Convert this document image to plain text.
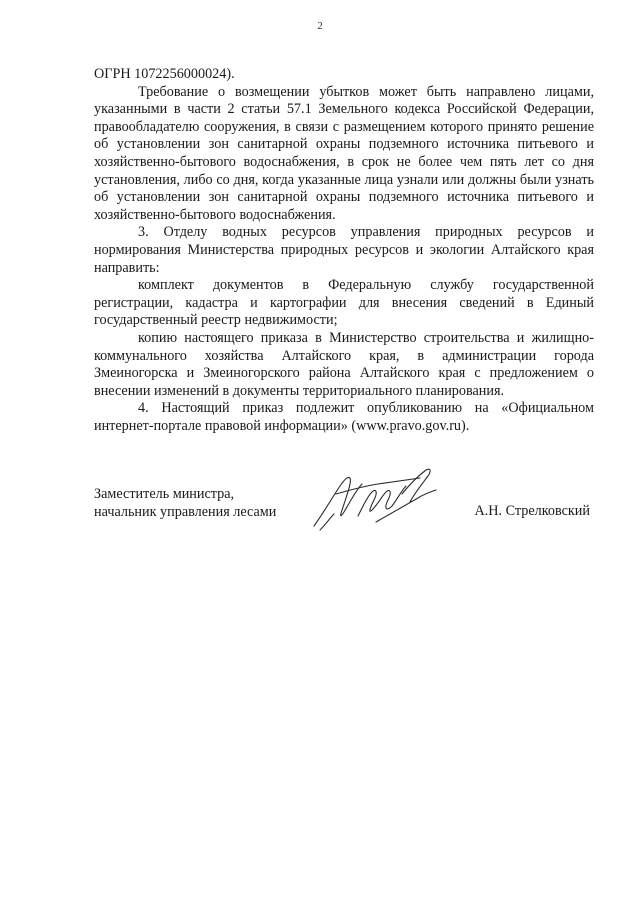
2

ОГРН 1072256000024).

Требование о возмещении убытков может быть направлено лицами, указанными в части 2 статьи 57.1 Земельного кодекса Российской Федерации, правообладателю сооружения, в связи с размещением которого принято решение об установлении зон санитарной охраны подземного источника питьевого и хозяйственно-бытового водоснабжения, в срок не более чем пять лет со дня установления, либо со дня, когда указанные лица узнали или должны были узнать об установлении зон санитарной охраны подземного источника питьевого и хозяйственно-бытового водоснабжения.

3. Отделу водных ресурсов управления природных ресурсов и нормирования Министерства природных ресурсов и экологии Алтайского края направить:

комплект документов в Федеральную службу государственной регистрации, кадастра и картографии для внесения сведений в Единый государственный реестр недвижимости;

копию настоящего приказа в Министерство строительства и жилищно-коммунального хозяйства Алтайского края, в администрации города Змеиногорска и Змеиногорского района Алтайского края с предложением о внесении изменений в документы территориального планирования.

4. Настоящий приказ подлежит опубликованию на «Официальном интернет-портале правовой информации» (www.pravo.gov.ru).

Заместитель министра,
начальник управления лесами	А.Н. Стрелковский
